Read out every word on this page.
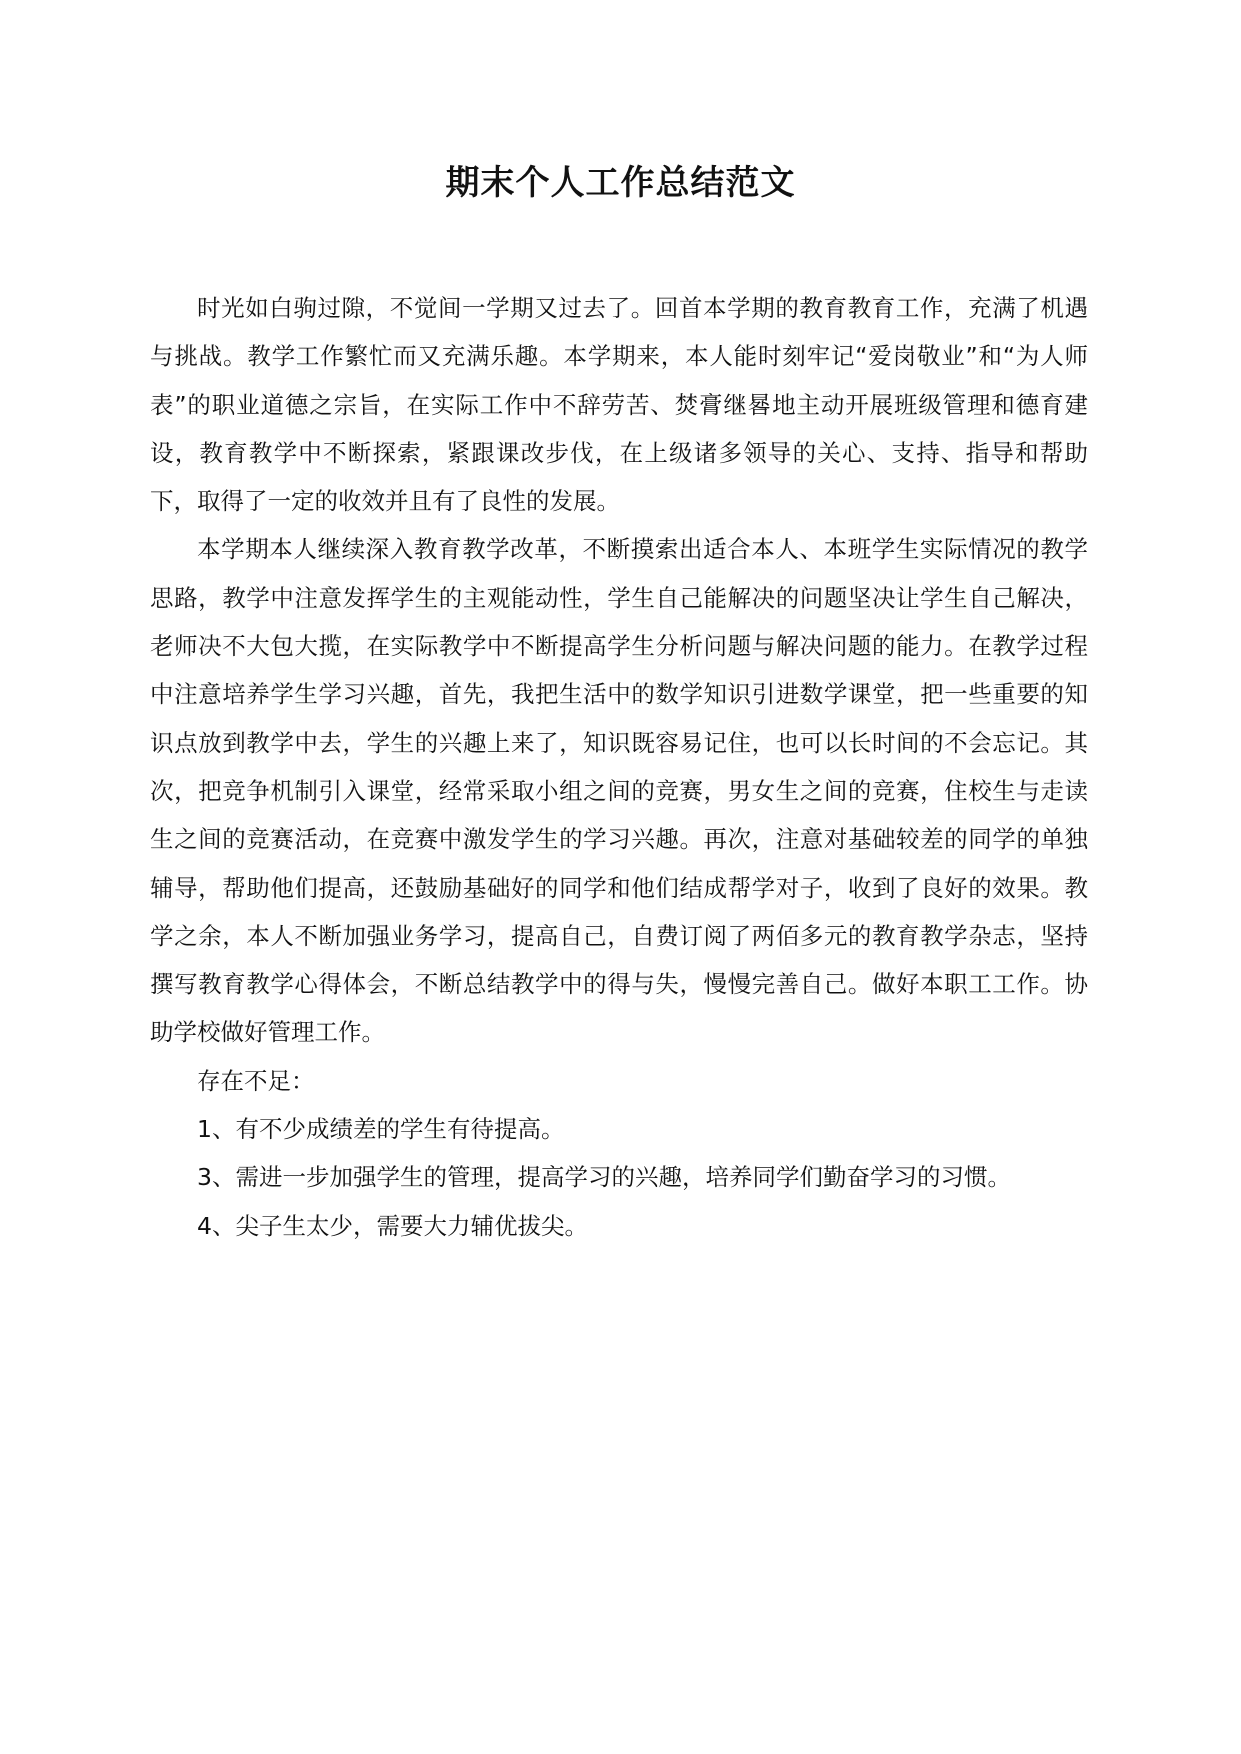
期末个人工作总结范文

时光如白驹过隙，不觉间一学期又过去了。回首本学期的教育教育工作，充满了机遇与挑战。教学工作繁忙而又充满乐趣。本学期来，本人能时刻牢记“爱岗敬业”和“为人师表”的职业道德之宗旨，在实际工作中不辞劳苦、焚膏继晷地主动开展班级管理和德育建设，教育教学中不断探索，紧跟课改步伐，在上级诸多领导的关心、支持、指导和帮助下，取得了一定的收效并且有了良性的发展。

本学期本人继续深入教育教学改革，不断摸索出适合本人、本班学生实际情况的教学思路，教学中注意发挥学生的主观能动性，学生自己能解决的问题坚决让学生自己解决，老师决不大包大揽，在实际教学中不断提高学生分析问题与解决问题的能力。在教学过程中注意培养学生学习兴趣，首先，我把生活中的数学知识引进数学课堂，把一些重要的知识点放到教学中去，学生的兴趣上来了，知识既容易记住，也可以长时间的不会忘记。其次，把竞争机制引入课堂，经常采取小组之间的竞赛，男女生之间的竞赛，住校生与走读生之间的竞赛活动，在竞赛中激发学生的学习兴趣。再次，注意对基础较差的同学的单独辅导，帮助他们提高，还鼓励基础好的同学和他们结成帮学对子，收到了良好的效果。教学之余，本人不断加强业务学习，提高自己，自费订阅了两佰多元的教育教学杂志，坚持撰写教育教学心得体会，不断总结教学中的得与失，慢慢完善自己。做好本职工工作。协助学校做好管理工作。

存在不足：

1、有不少成绩差的学生有待提高。

3、需进一步加强学生的管理，提高学习的兴趣，培养同学们勤奋学习的习惯。

4、尖子生太少，需要大力辅优拔尖。
